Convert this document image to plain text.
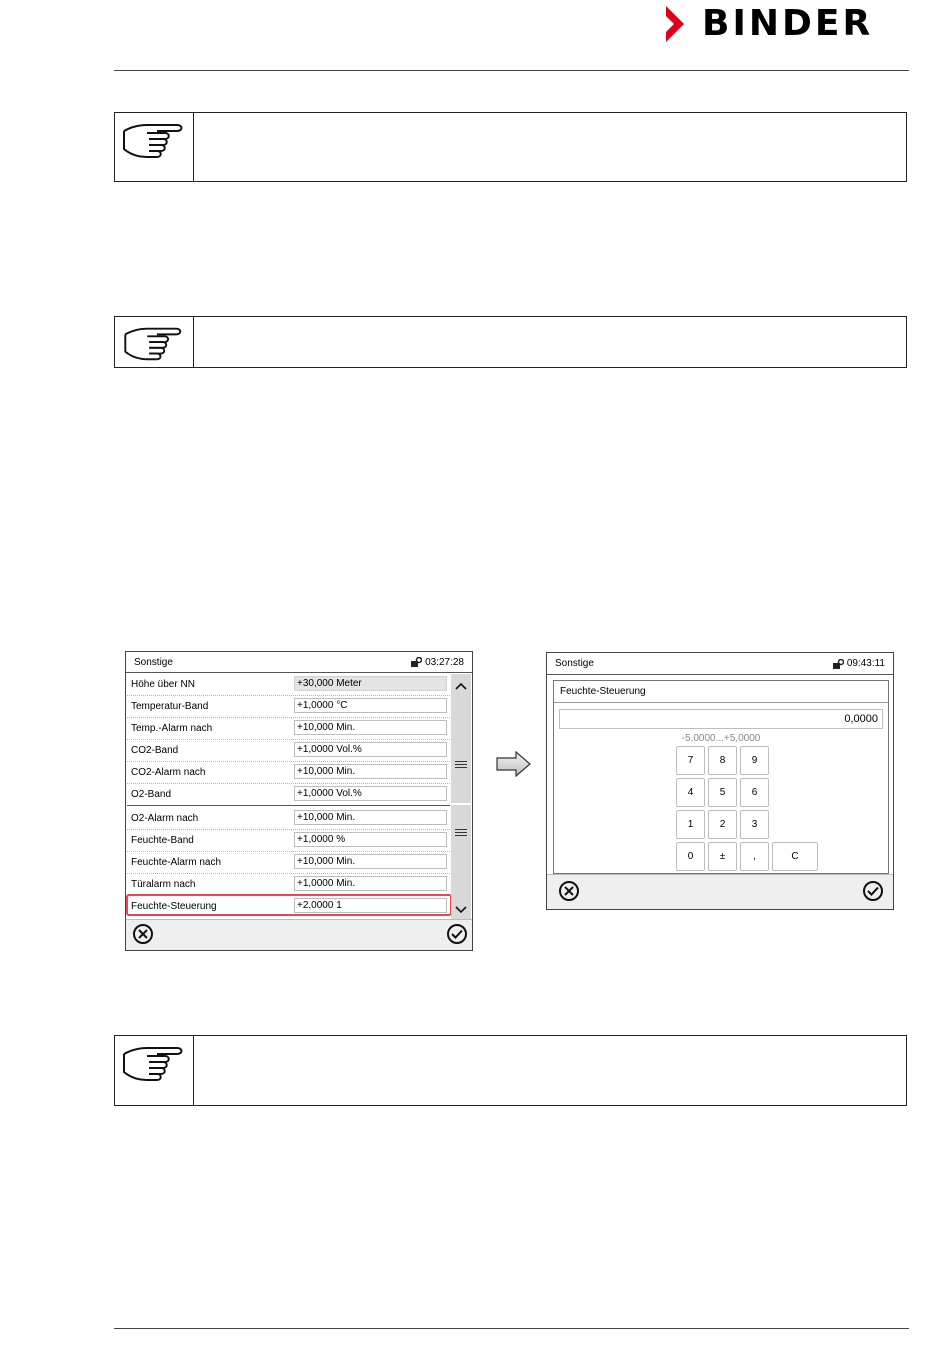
BINDER
Sonstige	03:27:28
Höhe über NN	+30,000 Meter
Temperatur-Band	+1,0000 °C
Temp.-Alarm nach	+10,000 Min.
CO2-Band	+1,0000 Vol.%
CO2-Alarm nach	+10,000 Min.
O2-Band	+1,0000 Vol.%
O2-Alarm nach	+10,000 Min.
Feuchte-Band	+1,0000 %
Feuchte-Alarm nach	+10,000 Min.
Türalarm nach	+1,0000 Min.
Feuchte-Steuerung	+2,0000 1
Sonstige	09:43:11
Feuchte-Steuerung
0,0000
-5,0000...+5,0000
7	8	9
4	5	6
1	2	3
0	±	,	C
